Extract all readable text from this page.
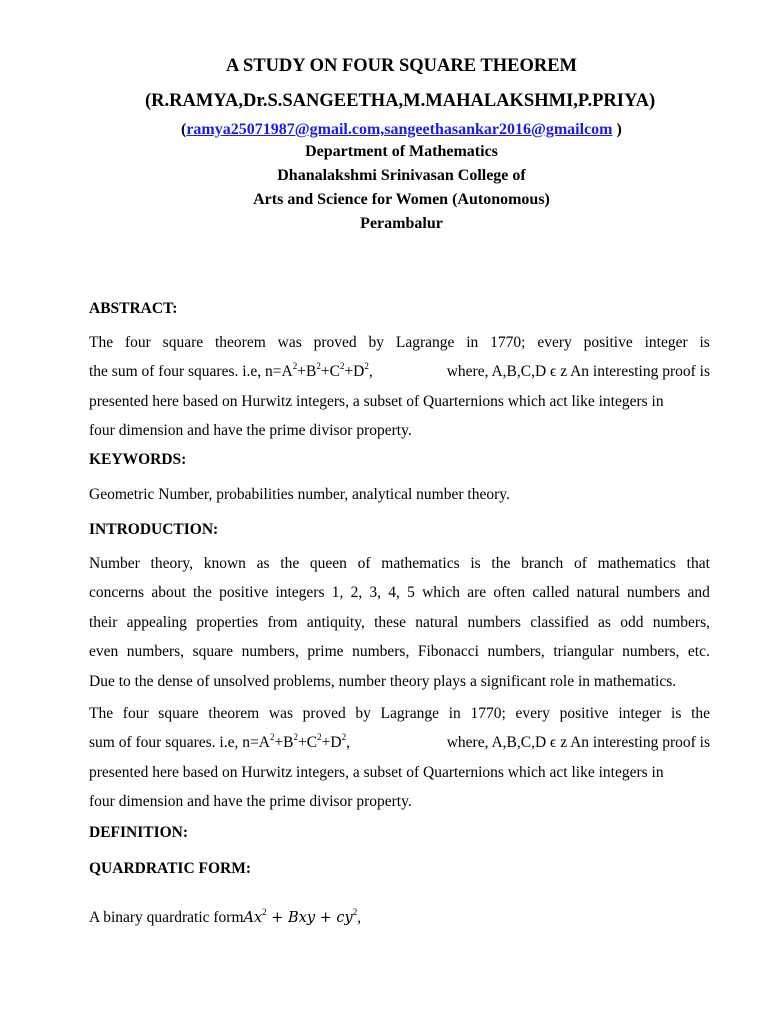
A STUDY ON FOUR SQUARE THEOREM
(R.RAMYA,Dr.S.SANGEETHA,M.MAHALAKSHMI,P.PRIYA)
(ramya25071987@gmail.com,sangeethasankar2016@gmailcom )
Department of Mathematics
Dhanalakshmi Srinivasan College of
Arts and Science for Women (Autonomous)
Perambalur
ABSTRACT:
The four square theorem was proved by Lagrange in 1770; every positive integer is
the sum of four squares. i.e, $n=A^2+B^2+C^2+D^2$,	where, A,B,C,D ϵ z An interesting proof is
presented here based on Hurwitz integers, a subset of Quarternions which act like integers in
four dimension and have the prime divisor property.
KEYWORDS:
Geometric Number, probabilities number, analytical number theory.
INTRODUCTION:
Number theory, known as the queen of mathematics is the branch of mathematics that
concerns about the positive integers 1, 2, 3, 4, 5 which are often called natural numbers and
their appealing properties from antiquity, these natural numbers classified as odd numbers,
even numbers, square numbers, prime numbers, Fibonacci numbers, triangular numbers, etc.
Due to the dense of unsolved problems, number theory plays a significant role in mathematics.
The four square theorem was proved by Lagrange in 1770; every positive integer is the
sum of four squares. i.e, $n=A^2+B^2+C^2+D^2$,	where, A,B,C,D ϵ z An interesting proof is
presented here based on Hurwitz integers, a subset of Quarternions which act like integers in
four dimension and have the prime divisor property.
DEFINITION:
QUARDRATIC FORM:
A binary quardratic formAx$^2$ + Bxy + $cy^2$,
